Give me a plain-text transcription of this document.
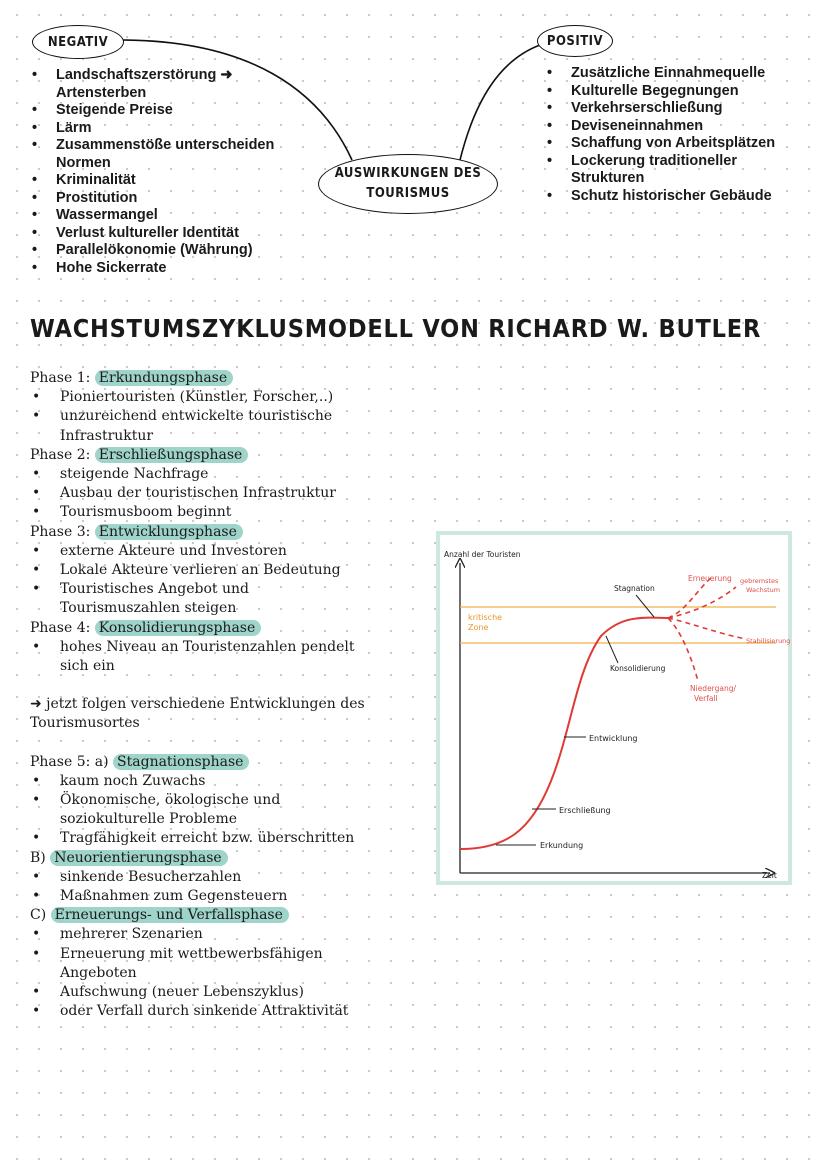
NEGATIV	POSITIV
AUSWIRKUNGEN DES
TOURISMUS
• Landschaftszerstörung ➜ Artensterben
• Steigende Preise
• Lärm
• Zusammenstöße unterscheiden Normen
• Kriminalität
• Prostitution
• Wassermangel
• Verlust kultureller Identität
• Parallelökonomie (Währung)
• Hohe Sickerrate
• Zusätzliche Einnahmequelle
• Kulturelle Begegnungen
• Verkehrserschließung
• Deviseneinnahmen
• Schaffung von Arbeitsplätzen
• Lockerung traditioneller Strukturen
• Schutz historischer Gebäude
WACHSTUMSZYKLUSMODELL VON RICHARD W. BUTLER
Phase 1: Erkundungsphase
• Pioniertouristen (Künstler, Forscher,..)
• unzureichend entwickelte touristische
Infrastruktur
Phase 2: Erschließungsphase
• steigende Nachfrage
• Ausbau der touristischen Infrastruktur
• Tourismusboom beginnt
Phase 3: Entwicklungsphase
• externe Akteure und Investoren
• Lokale Akteure verlieren an Bedeutung
• Touristisches Angebot und
Tourismuszahlen steigen
Phase 4: Konsolidierungsphase
• hohes Niveau an Touristenzahlen pendelt
sich ein
➜ jetzt folgen verschiedene Entwicklungen des
Tourismusortes
Phase 5: a) Stagnationsphase
• kaum noch Zuwachs
• Ökonomische, ökologische und
soziokulturelle Probleme
• Tragfähigkeit erreicht bzw. überschritten
B) Neuorientierungsphase
• sinkende Besucherzahlen
• Maßnahmen zum Gegensteuern
C) Erneuerungs- und Verfallsphase
• mehrerer Szenarien
• Erneuerung mit wettbewerbsfähigen
Angeboten
• Aufschwung (neuer Lebenszyklus)
• oder Verfall durch sinkende Attraktivität
Anzahl der Touristen
Zeit
kritische
Zone
Erkundung
Erschließung
Entwicklung
Konsolidierung
Stagnation
Erneuerung gebremstes
Wachstum
Stabilisierung
Niedergang/
Verfall
